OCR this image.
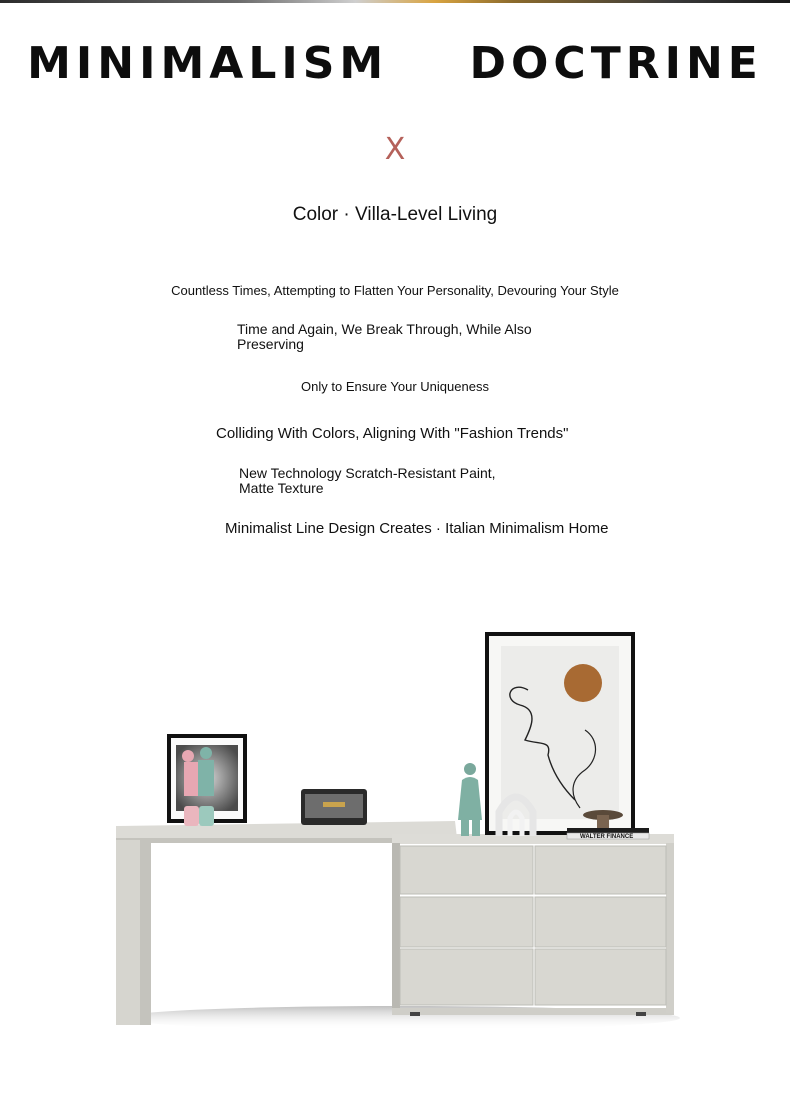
MINIMALISM    DOCTRINE
X
Color · Villa-Level Living
Countless Times, Attempting to Flatten Your Personality, Devouring Your Style
Time and Again, We Break Through, While Also
Preserving
Only to Ensure Your Uniqueness
Colliding With Colors, Aligning With "Fashion Trends"
New Technology Scratch-Resistant Paint,
Matte Texture
Minimalist Line Design Creates · Italian Minimalism Home
WALTER FINANCE
